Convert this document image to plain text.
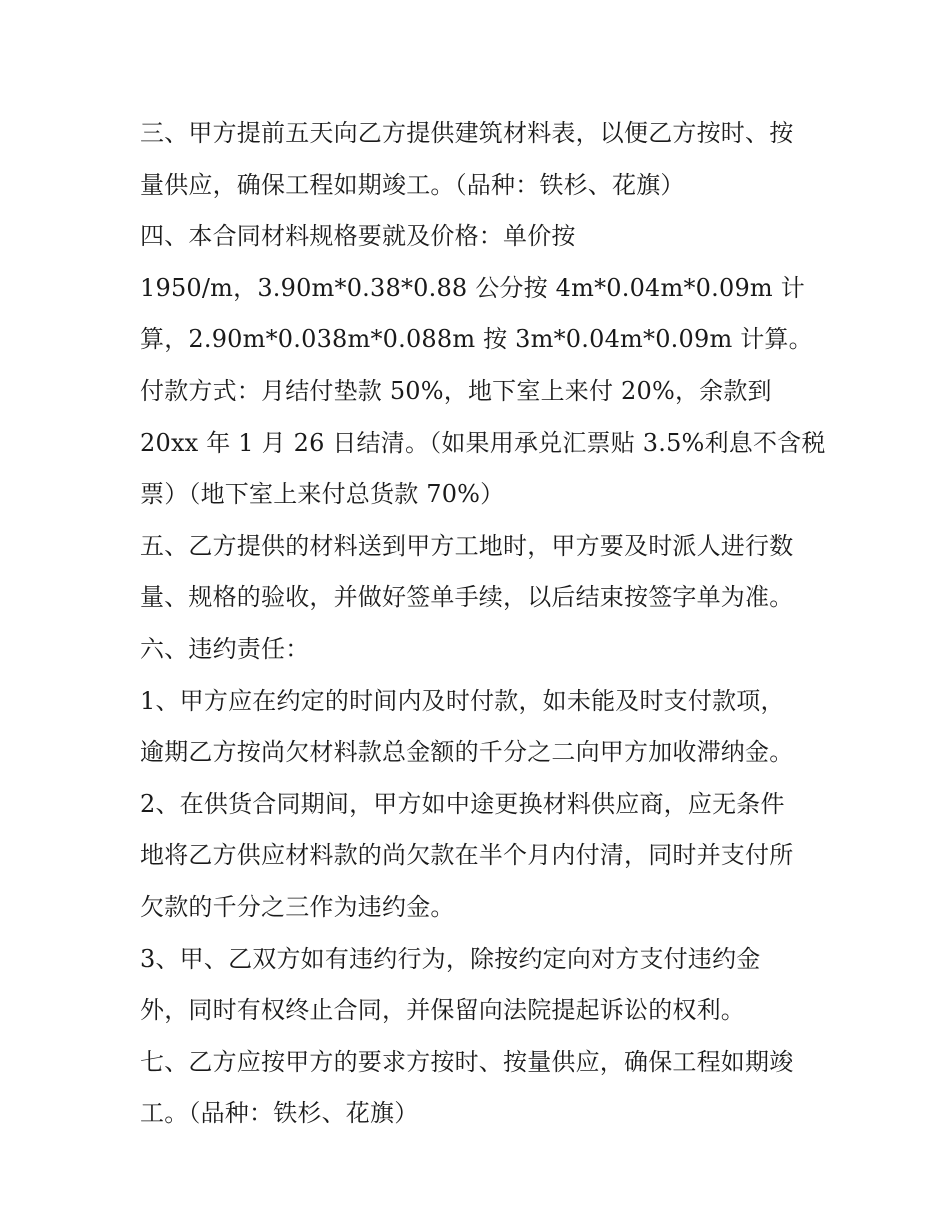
三、甲方提前五天向乙方提供建筑材料表，以便乙方按时、按
量供应，确保工程如期竣工。（品种：铁杉、花旗）
四、本合同材料规格要就及价格：单价按
1950/m，3.90m*0.38*0.88 公分按 4m*0.04m*0.09m 计
算，2.90m*0.038m*0.088m 按 3m*0.04m*0.09m 计算。
付款方式：月结付垫款 50%，地下室上来付 20%，余款到
20xx 年 1 月 26 日结清。（如果用承兑汇票贴 3.5%利息不含税
票）（地下室上来付总货款 70%）
五、乙方提供的材料送到甲方工地时，甲方要及时派人进行数
量、规格的验收，并做好签单手续，以后结束按签字单为准。
六、违约责任：
1、甲方应在约定的时间内及时付款，如未能及时支付款项，
逾期乙方按尚欠材料款总金额的千分之二向甲方加收滞纳金。
2、在供货合同期间，甲方如中途更换材料供应商，应无条件
地将乙方供应材料款的尚欠款在半个月内付清，同时并支付所
欠款的千分之三作为违约金。
3、甲、乙双方如有违约行为，除按约定向对方支付违约金
外，同时有权终止合同，并保留向法院提起诉讼的权利。
七、乙方应按甲方的要求方按时、按量供应，确保工程如期竣
工。（品种：铁杉、花旗）
